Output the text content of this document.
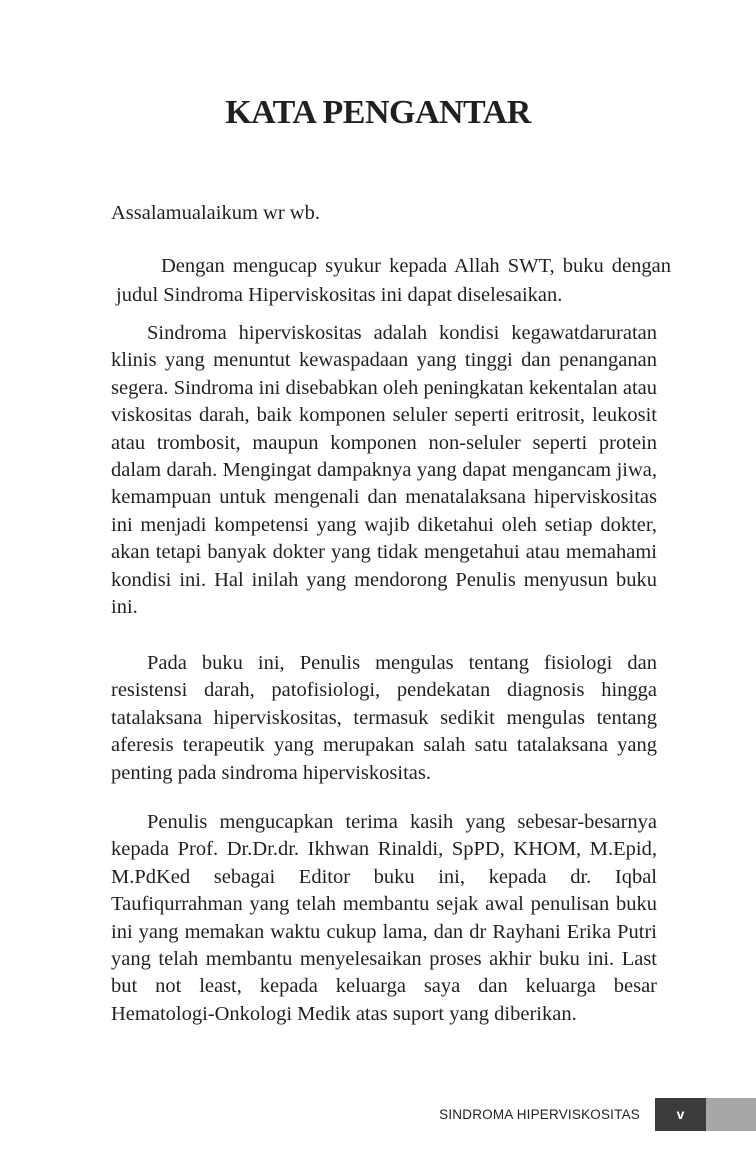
KATA PENGANTAR
Assalamualaikum wr wb.

Dengan mengucap syukur kepada Allah SWT, buku dengan judul Sindroma Hiperviskositas ini dapat diselesaikan.

Sindroma hiperviskositas adalah kondisi kegawatdaruratan klinis yang menuntut kewaspadaan yang tinggi dan penanganan segera. Sindroma ini disebabkan oleh peningkatan kekentalan atau viskositas darah, baik komponen seluler seperti eritrosit, leukosit atau trombosit, maupun komponen non-seluler seperti protein dalam darah. Mengingat dampaknya yang dapat mengancam jiwa, kemampuan untuk mengenali dan menatalaksana hiperviskositas ini menjadi kompetensi yang wajib diketahui oleh setiap dokter, akan tetapi banyak dokter yang tidak mengetahui atau memahami kondisi ini. Hal inilah yang mendorong Penulis menyusun buku ini.

Pada buku ini, Penulis mengulas tentang fisiologi dan resistensi darah, patofisiologi, pendekatan diagnosis hingga tatalaksana hiperviskositas, termasuk sedikit mengulas tentang aferesis terapeutik yang merupakan salah satu tatalaksana yang penting pada sindroma hiperviskositas.

Penulis mengucapkan terima kasih yang sebesar-besarnya kepada Prof. Dr.Dr.dr. Ikhwan Rinaldi, SpPD, KHOM, M.Epid, M.PdKed sebagai Editor buku ini, kepada dr. Iqbal Taufiqurrahman yang telah membantu sejak awal penulisan buku ini yang memakan waktu cukup lama, dan dr Rayhani Erika Putri yang telah membantu menyelesaikan proses akhir buku ini. Last but not least, kepada keluarga saya dan keluarga besar Hematologi-Onkologi Medik atas suport yang diberikan.

SINDROMA HIPERVISKOSITAS	v
